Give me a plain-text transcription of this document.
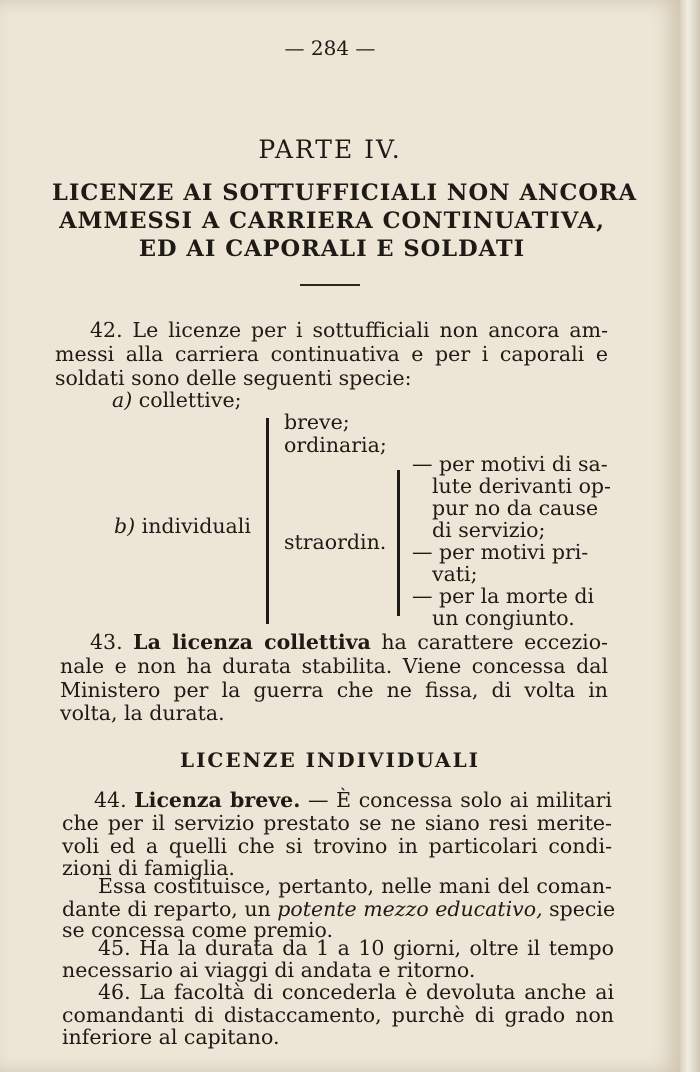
— 284 —
PARTE IV.
LICENZE AI SOTTUFFICIALI NON ANCORA
AMMESSI A CARRIERA CONTINUATIVA,
ED AI CAPORALI E SOLDATI
42. Le licenze per i sottufficiali non ancora am-
messi alla carriera continuativa e per i caporali e
soldati sono delle seguenti specie:
a) collettive;
breve;
ordinaria;
b) individuali
straordin.
— per motivi di sa-
lute derivanti op-
pur no da cause
di servizio;
— per motivi pri-
vati;
— per la morte di
un congiunto.
43. La licenza collettiva ha carattere eccezio-
nale e non ha durata stabilita. Viene concessa dal
Ministero per la guerra che ne fissa, di volta in
volta, la durata.
LICENZE INDIVIDUALI
44. Licenza breve. — È concessa solo ai militari
che per il servizio prestato se ne siano resi merite-
voli ed a quelli che si trovino in particolari condi-
zioni di famiglia.
Essa costituisce, pertanto, nelle mani del coman-
dante di reparto, un potente mezzo educativo, specie
se concessa come premio.
45. Ha la durata da 1 a 10 giorni, oltre il tempo
necessario ai viaggi di andata e ritorno.
46. La facoltà di concederla è devoluta anche ai
comandanti di distaccamento, purchè di grado non
inferiore al capitano.
